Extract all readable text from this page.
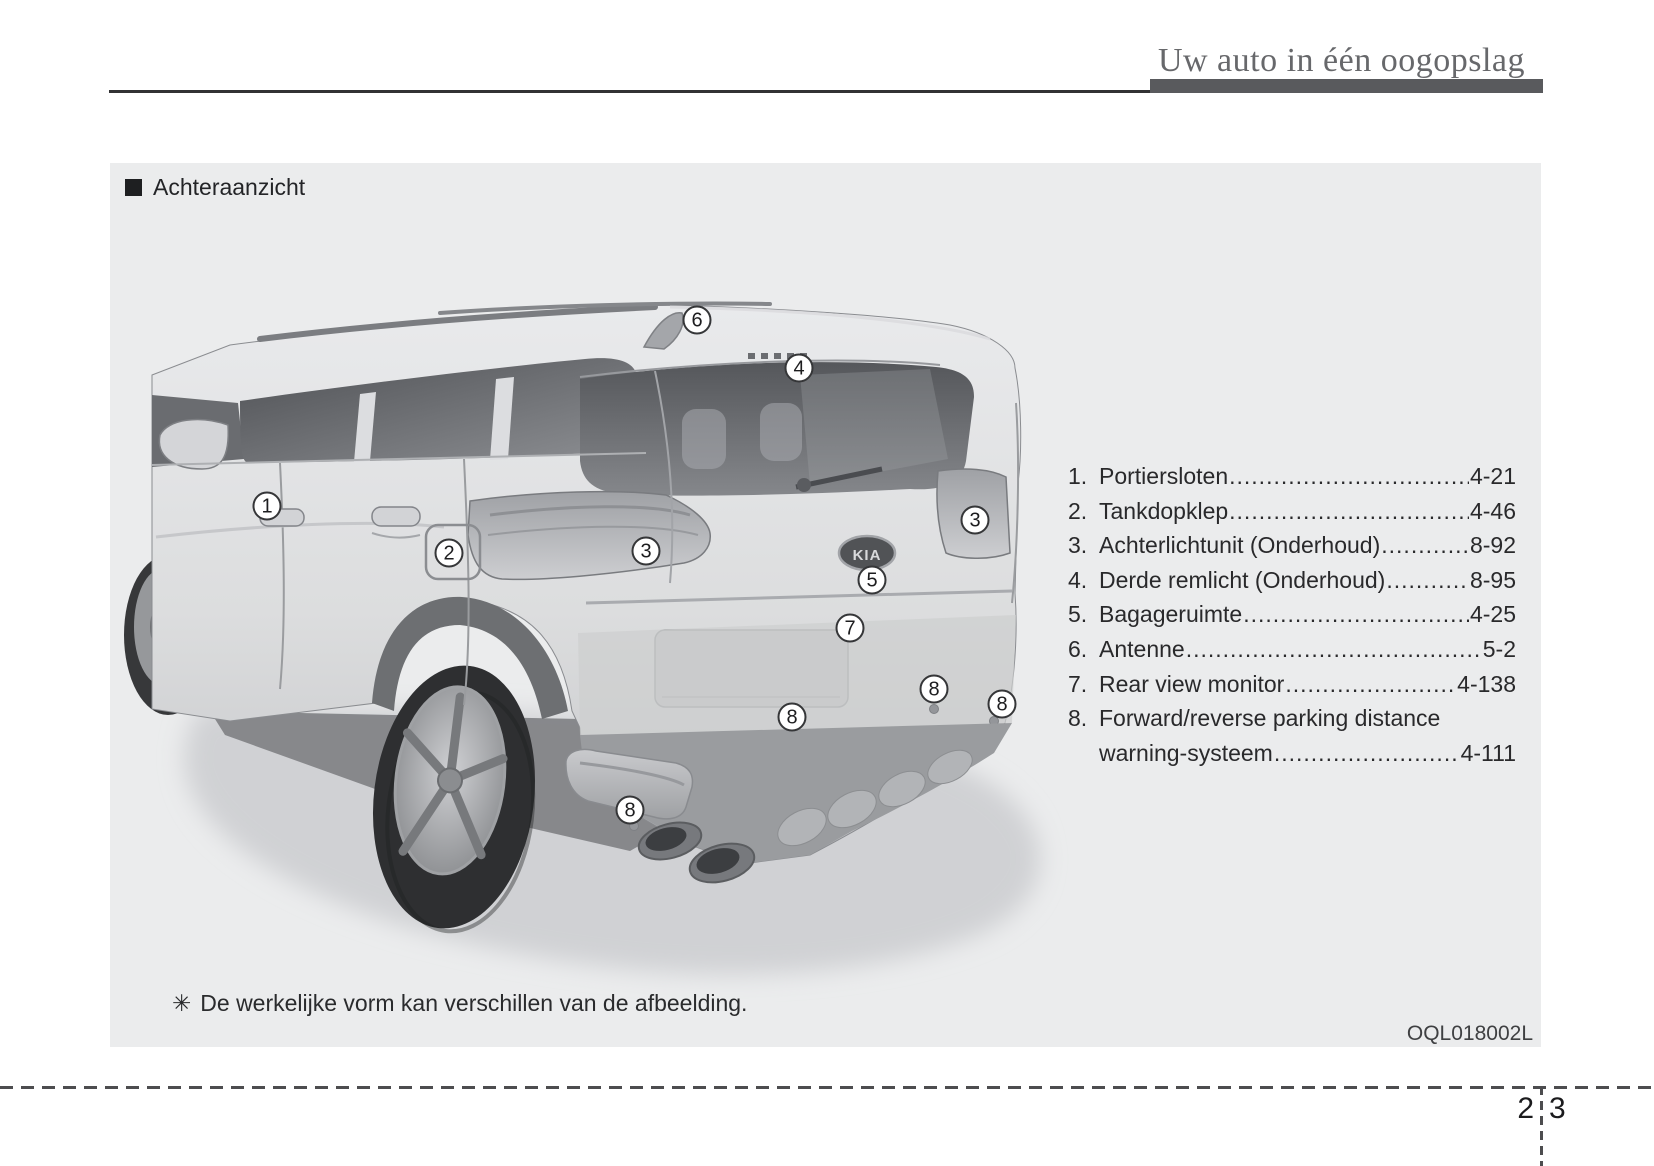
Uw auto in één oogopslag
KIA
1
2	3
3
4
5
6
7
8
8
8
8
Achteraanzicht
1. Portiersloten .....	4-21
2. Tankdopklep .....	4-46
3. Achterlichtunit (Onderhoud) .....	8-92
4. Derde remlicht (Onderhoud) .....	8-95
5. Bagageruimte .....	4-25
6. Antenne .....	5-2
7. Rear view monitor .....	4-138
8. Forward/reverse parking distance
warning-systeem .....	4-111
✳ De werkelijke vorm kan verschillen van de afbeelding.
OQL018002L
2 3
